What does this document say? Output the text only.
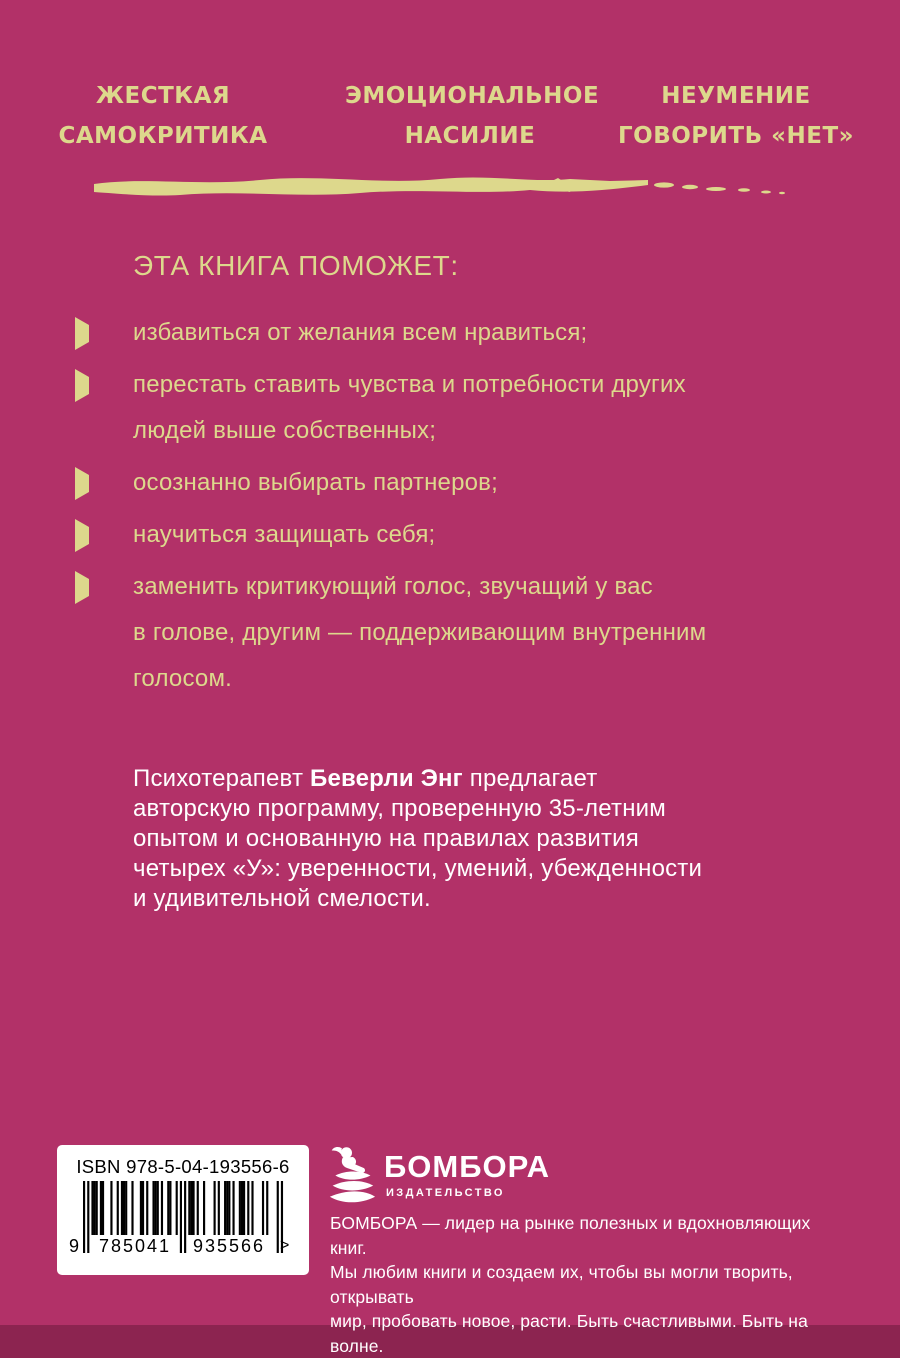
ЖЕСТКАЯ
САМОКРИТИКА
ЭМОЦИОНАЛЬНОЕ
НАСИЛИЕ
НЕУМЕНИЕ
ГОВОРИТЬ «НЕТ»
ЭТА КНИГА ПОМОЖЕТ:
избавиться от желания всем нравиться;
перестать ставить чувства и потребности других
людей выше собственных;
осознанно выбирать партнеров;
научиться защищать себя;
заменить критикующий голос, звучащий у вас
в голове, другим — поддерживающим внутренним
голосом.

Психотерапевт Беверли Энг предлагает
авторскую программу, проверенную 35-летним
опытом и основанную на правилах развития
четырех «У»: уверенности, умений, убежденности
и удивительной смелости.

ISBN 978-5-04-193556-6
9	785041	935566 >
БОМБОРА
ИЗДАТЕЛЬСТВО
БОМБОРА — лидер на рынке полезных и вдохновляющих книг.
Мы любим книги и создаем их, чтобы вы могли творить, открывать
мир, пробовать новое, расти. Быть счастливыми. Быть на волне.
